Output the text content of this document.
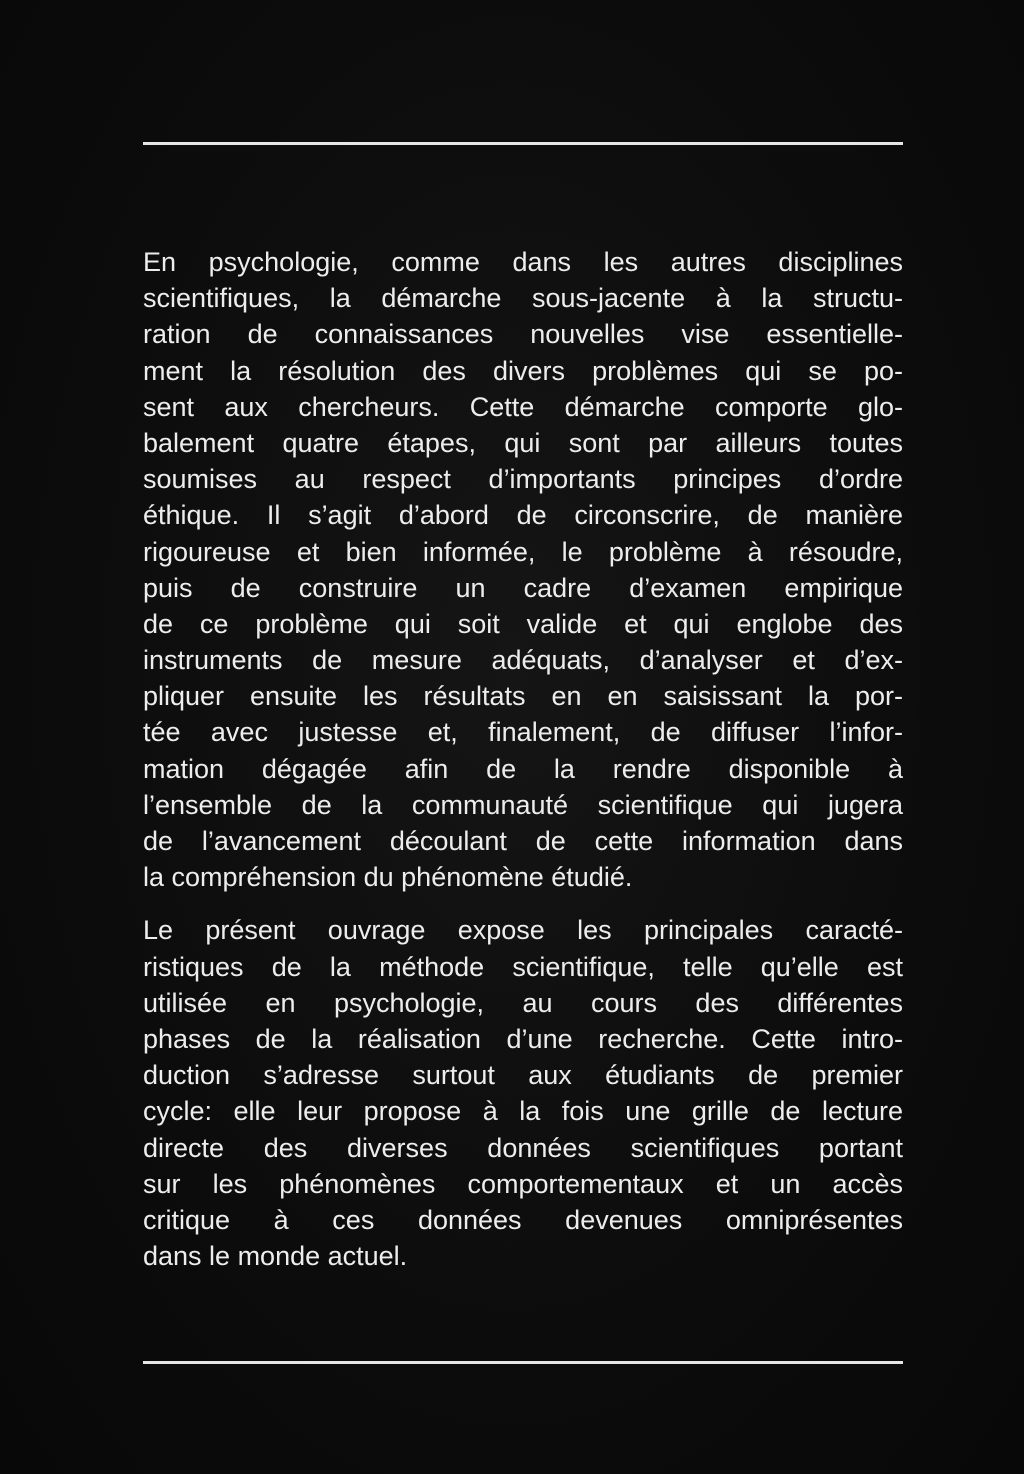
En psychologie, comme dans les autres disciplines
scientifiques, la démarche sous-jacente à la structu-
ration de connaissances nouvelles vise essentielle-
ment la résolution des divers problèmes qui se po-
sent aux chercheurs. Cette démarche comporte glo-
balement quatre étapes, qui sont par ailleurs toutes
soumises au respect d’importants principes d’ordre
éthique. Il s’agit d’abord de circonscrire, de manière
rigoureuse et bien informée, le problème à résoudre,
puis de construire un cadre d’examen empirique
de ce problème qui soit valide et qui englobe des
instruments de mesure adéquats, d’analyser et d’ex-
pliquer ensuite les résultats en en saisissant la por-
tée avec justesse et, finalement, de diffuser l’infor-
mation dégagée afin de la rendre disponible à
l’ensemble de la communauté scientifique qui jugera
de l’avancement découlant de cette information dans
la compréhension du phénomène étudié.
Le présent ouvrage expose les principales caracté-
ristiques de la méthode scientifique, telle qu’elle est
utilisée en psychologie, au cours des différentes
phases de la réalisation d’une recherche. Cette intro-
duction s’adresse surtout aux étudiants de premier
cycle: elle leur propose à la fois une grille de lecture
directe des diverses données scientifiques portant
sur les phénomènes comportementaux et un accès
critique à ces données devenues omniprésentes
dans le monde actuel.
